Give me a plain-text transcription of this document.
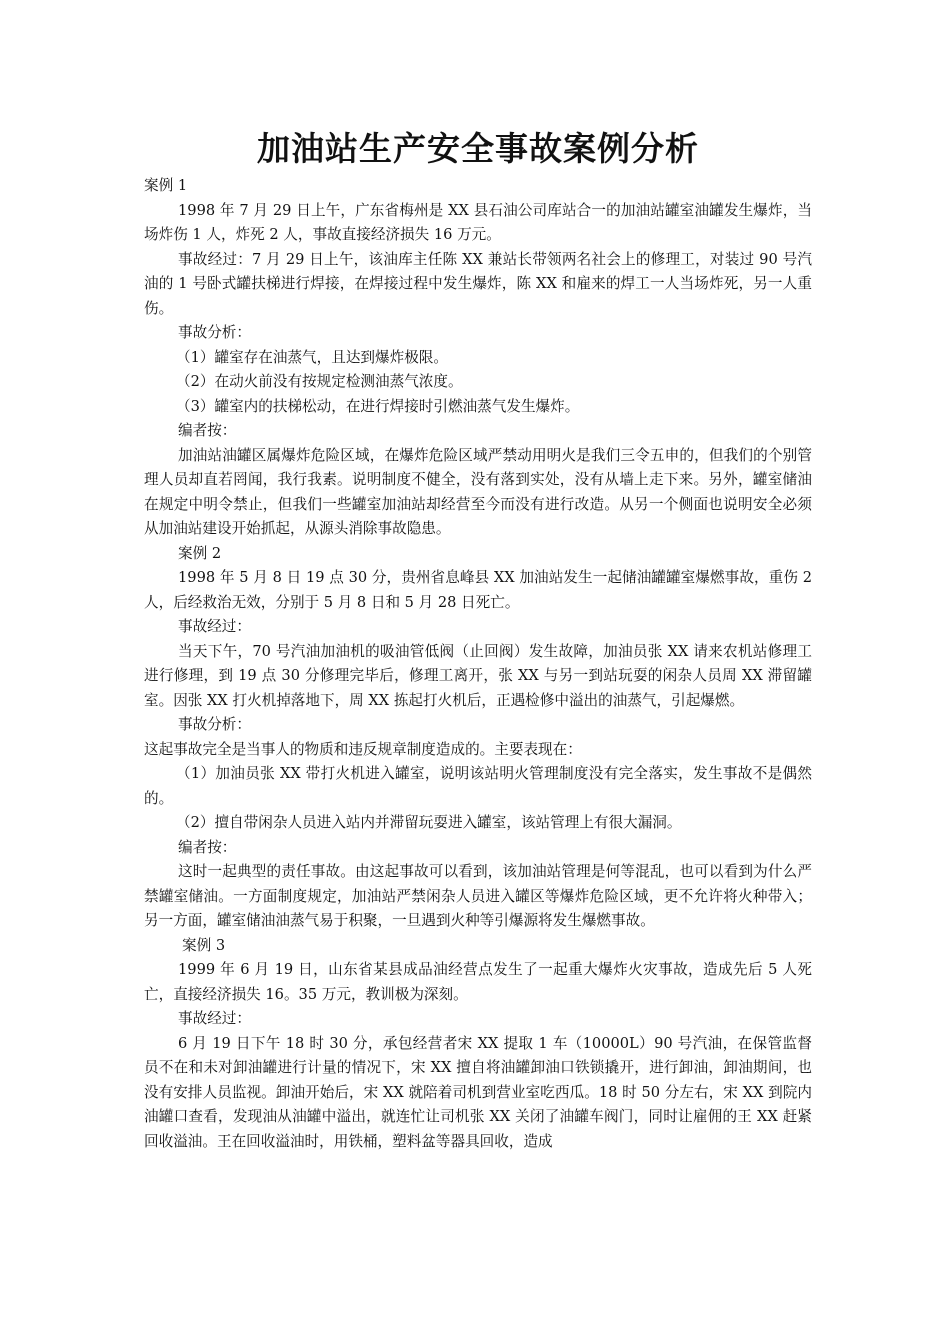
加油站生产安全事故案例分析

案例 1

1998 年 7 月 29 日上午，广东省梅州是 XX 县石油公司库站合一的加油站罐室油罐发生爆炸，当场炸伤 1 人，炸死 2 人，事故直接经济损失 16 万元。

事故经过：7 月 29 日上午，该油库主任陈 XX 兼站长带领两名社会上的修理工，对装过 90 号汽油的 1 号卧式罐扶梯进行焊接，在焊接过程中发生爆炸，陈 XX 和雇来的焊工一人当场炸死，另一人重伤。

事故分析：

（1）罐室存在油蒸气，且达到爆炸极限。

（2）在动火前没有按规定检测油蒸气浓度。

（3）罐室内的扶梯松动，在进行焊接时引燃油蒸气发生爆炸。

编者按：

加油站油罐区属爆炸危险区域，在爆炸危险区域严禁动用明火是我们三令五申的，但我们的个别管理人员却直若罔闻，我行我素。说明制度不健全，没有落到实处，没有从墙上走下来。另外，罐室储油在规定中明令禁止，但我们一些罐室加油站却经营至今而没有进行改造。从另一个侧面也说明安全必须从加油站建设开始抓起，从源头消除事故隐患。

案例 2

1998 年 5 月 8 日 19 点 30 分，贵州省息峰县 XX 加油站发生一起储油罐罐室爆燃事故，重伤 2 人，后经救治无效，分别于 5 月 8 日和 5 月 28 日死亡。

事故经过：

当天下午，70 号汽油加油机的吸油管低阀（止回阀）发生故障，加油员张 XX 请来农机站修理工进行修理，到 19 点 30 分修理完毕后，修理工离开，张 XX 与另一到站玩耍的闲杂人员周 XX 滞留罐室。因张 XX 打火机掉落地下，周 XX 拣起打火机后，正遇检修中溢出的油蒸气，引起爆燃。

事故分析：

这起事故完全是当事人的物质和违反规章制度造成的。主要表现在：

（1）加油员张 XX 带打火机进入罐室，说明该站明火管理制度没有完全落实，发生事故不是偶然的。

（2）擅自带闲杂人员进入站内并滞留玩耍进入罐室，该站管理上有很大漏洞。

编者按：

这时一起典型的责任事故。由这起事故可以看到，该加油站管理是何等混乱，也可以看到为什么严禁罐室储油。一方面制度规定，加油站严禁闲杂人员进入罐区等爆炸危险区域，更不允许将火种带入；另一方面，罐室储油油蒸气易于积聚，一旦遇到火种等引爆源将发生爆燃事故。

案例 3

1999 年 6 月 19 日，山东省某县成品油经营点发生了一起重大爆炸火灾事故，造成先后 5 人死亡，直接经济损失 16。35 万元，教训极为深刻。

事故经过：

6 月 19 日下午 18 时 30 分，承包经营者宋 XX 提取 1 车（10000L）90 号汽油，在保管监督员不在和未对卸油罐进行计量的情况下，宋 XX 擅自将油罐卸油口铁锁撬开，进行卸油，卸油期间，也没有安排人员监视。卸油开始后，宋 XX 就陪着司机到营业室吃西瓜。18 时 50 分左右，宋 XX 到院内油罐口查看，发现油从油罐中溢出，就连忙让司机张 XX 关闭了油罐车阀门，同时让雇佣的王 XX 赶紧回收溢油。王在回收溢油时，用铁桶，塑料盆等器具回收，造成
